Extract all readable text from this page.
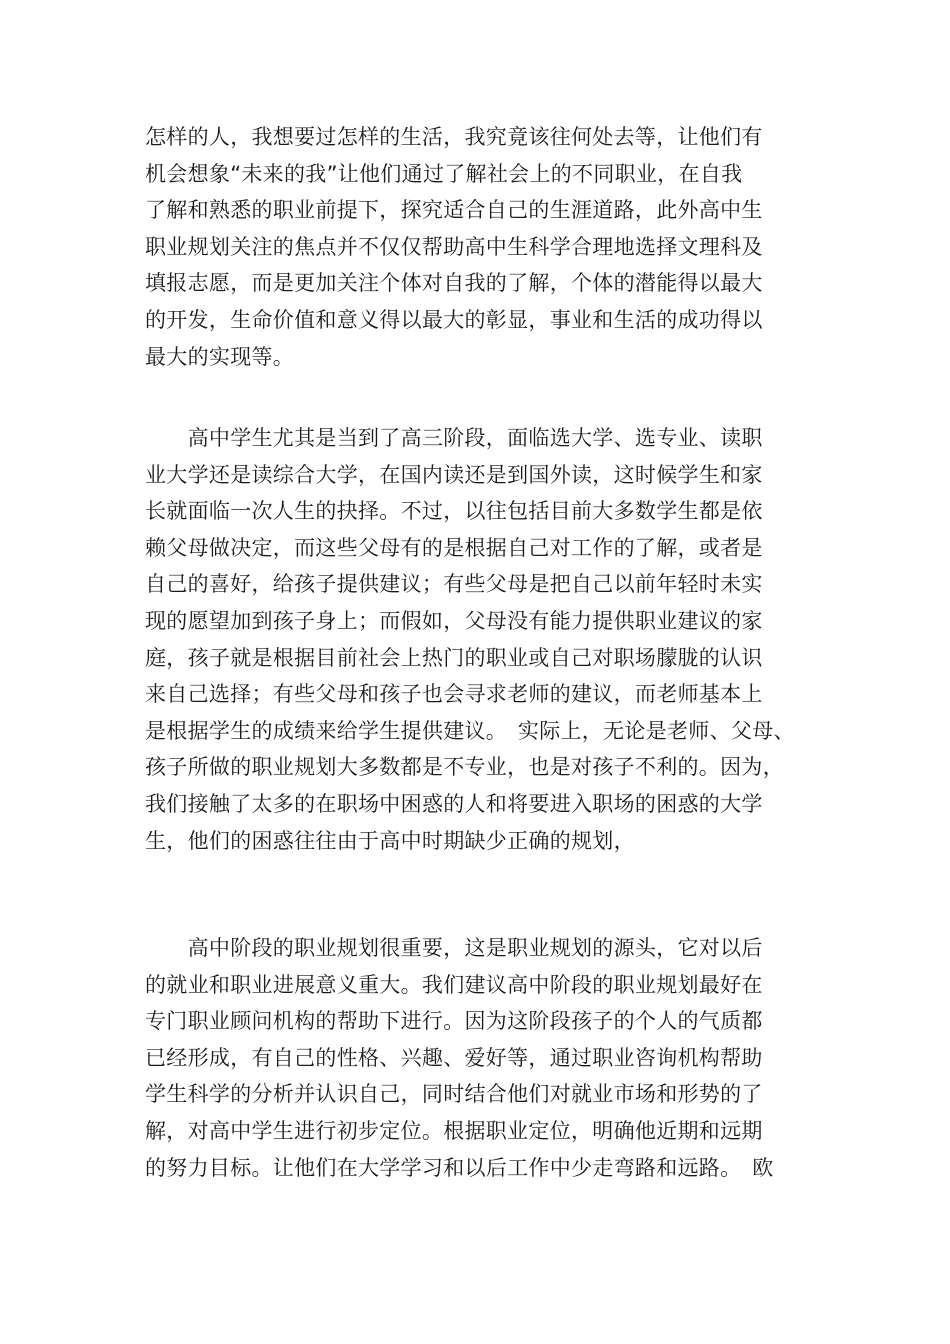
怎样的人，我想要过怎样的生活，我究竟该往何处去等，让他们有
机会想象“未来的我”让他们通过了解社会上的不同职业，在自我
了解和熟悉的职业前提下，探究适合自己的生涯道路，此外高中生
职业规划关注的焦点并不仅仅帮助高中生科学合理地选择文理科及
填报志愿，而是更加关注个体对自我的了解，个体的潜能得以最大
的开发，生命价值和意义得以最大的彰显，事业和生活的成功得以
最大的实现等。
　　高中学生尤其是当到了高三阶段，面临选大学、选专业、读职
业大学还是读综合大学，在国内读还是到国外读，这时候学生和家
长就面临一次人生的抉择。不过，以往包括目前大多数学生都是依
赖父母做决定，而这些父母有的是根据自己对工作的了解，或者是
自己的喜好，给孩子提供建议；有些父母是把自己以前年轻时未实
现的愿望加到孩子身上；而假如，父母没有能力提供职业建议的家
庭，孩子就是根据目前社会上热门的职业或自己对职场朦胧的认识
来自己选择；有些父母和孩子也会寻求老师的建议，而老师基本上
是根据学生的成绩来给学生提供建议。　实际上，无论是老师、父母、
孩子所做的职业规划大多数都是不专业，也是对孩子不利的。因为，
我们接触了太多的在职场中困惑的人和将要进入职场的困惑的大学
生，他们的困惑往往由于高中时期缺少正确的规划，
　　高中阶段的职业规划很重要，这是职业规划的源头，它对以后
的就业和职业进展意义重大。我们建议高中阶段的职业规划最好在
专门职业顾问机构的帮助下进行。因为这阶段孩子的个人的气质都
已经形成，有自己的性格、兴趣、爱好等，通过职业咨询机构帮助
学生科学的分析并认识自己，同时结合他们对就业市场和形势的了
解，对高中学生进行初步定位。根据职业定位，明确他近期和远期
的努力目标。让他们在大学学习和以后工作中少走弯路和远路。　欧
